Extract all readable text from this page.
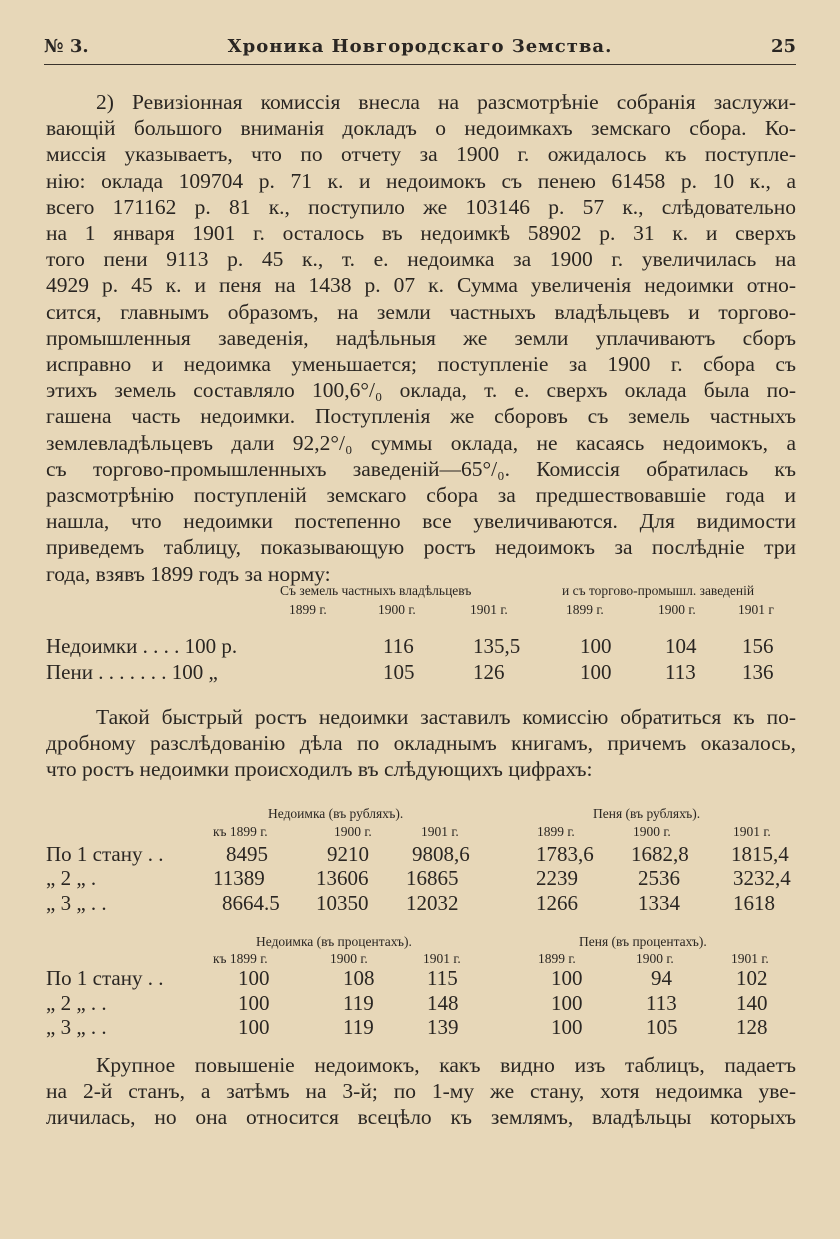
№ 3.	Хроника Новгородскаго Земства.	25
2) Ревизiонная комиссiя внесла на разсмотрѣнiе собранiя заслужи-
вающiй большого вниманiя докладъ о недоимкахъ земскаго сбора. Ко-
миссiя указываетъ, что по отчету за 1900 г. ожидалось къ поступле-
нiю: оклада 109704 р. 71 к. и недоимокъ съ пенею 61458 р. 10 к., а
всего 171162 р. 81 к., поступило же 103146 р. 57 к., слѣдовательно
на 1 января 1901 г. осталось въ недоимкѣ 58902 р. 31 к. и сверхъ
того пени 9113 р. 45 к., т. е. недоимка за 1900 г. увеличилась на
4929 р. 45 к. и пеня на 1438 р. 07 к. Сумма увеличенiя недоимки отно-
сится, главнымъ образомъ, на земли частныхъ владѣльцевъ и торгово-
промышленныя заведенiя, надѣльныя же земли уплачиваютъ сборъ
исправно и недоимка уменьшается; поступленiе за 1900 г. сбора съ
этихъ земель составляло 100,6°/₀ оклада, т. е. сверхъ оклада была по-
гашена часть недоимки. Поступленiя же сборовъ съ земель частныхъ
землевладѣльцевъ дали 92,2°/₀ суммы оклада, не касаясь недоимокъ, а
съ торгово-промышленныхъ заведенiй—65°/₀. Комиссiя обратилась къ
разсмотрѣнiю поступленiй земскаго сбора за предшествовавшiе года и
нашла, что недоимки постепенно все увеличиваются. Для видимости
приведемъ таблицу, показывающую ростъ недоимокъ за послѣднiе три
года, взявъ 1899 годъ за норму:
Съ земель частныхъ владѣльцевъ	и съ торгово-промышл. заведенiй
1899 г.	1900 г.	1901 г.	1899 г.	1900 г.	1901 г
Недоимки . . . . 100 р.	116	135,5	100	104 156
Пени . . . . . . . 100 „	105	126	100	113 136
Такой быстрый ростъ недоимки заставилъ комиссiю обратиться къ по-
дробному разслѣдованiю дѣла по окладнымъ книгамъ, причемъ оказалось,
что ростъ недоимки происходилъ въ слѣдующихъ цифрахъ:
Недоимка (въ рубляхъ).	Пеня (въ рубляхъ).
къ 1899 г.	1900 г.	1901 г.	1899 г.	1900 г.	1901 г.
По 1 стану . .	8495	9210 9808,6	1783,6 1682,8 1815,4
„ 2 „ .	11389 13606 16865	2239	2536	3232,4
„ 3 „ . .	8664.5 10350 12032	1266	1334	1618
Недоимка (въ процентахъ).	Пеня (въ процентахъ).
къ 1899 г.	1900 г.	1901 г.	1899 г.	1900 г.	1901 г.
По 1 стану . .	100	108	115	100	94	102
„ 2 „ . .	100	119	148	100	113	140
„ 3 „ . .	100	119	139	100	105	128
Крупное повышенiе недоимокъ, какъ видно изъ таблицъ, падаетъ
на 2-й станъ, а затѣмъ на 3-й; по 1-му же стану, хотя недоимка уве-
личилась, но она относится всецѣло къ землямъ, владѣльцы которыхъ
